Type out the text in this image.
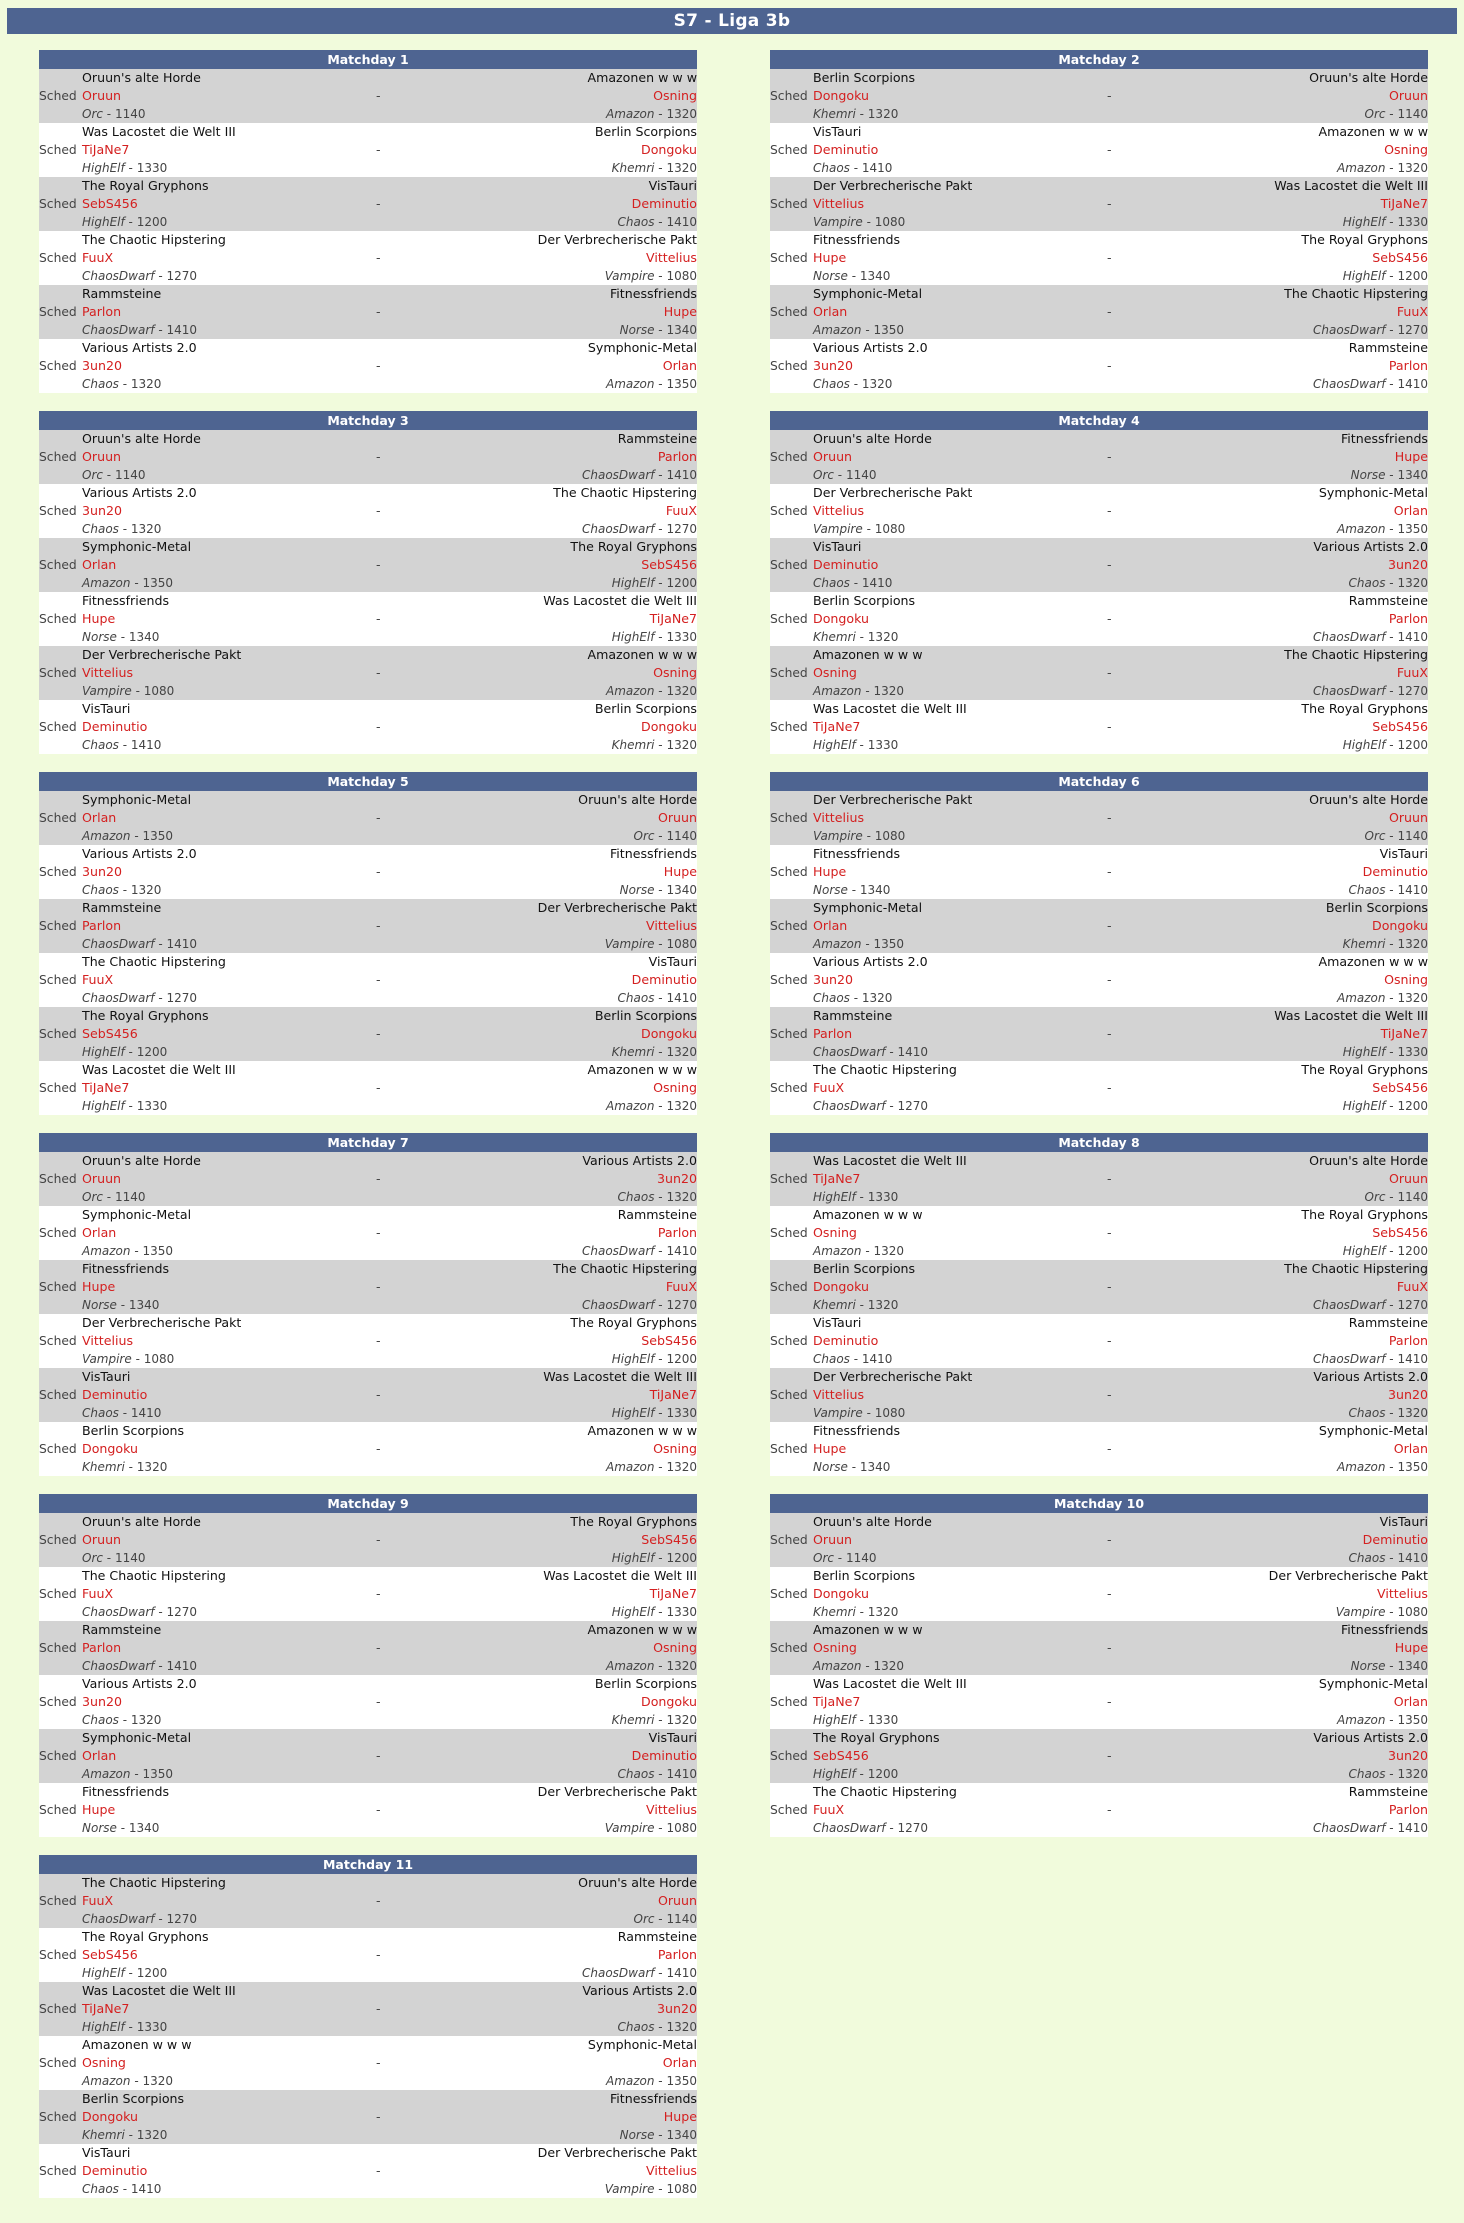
S7 - Liga 3b
Matchday 1
Oruun's alte Horde	Amazonen w w w
Sched Oruun	-	Osning
Orc - 1140	Amazon - 1320
Was Lacostet die Welt III	Berlin Scorpions
Sched TiJaNe7	-	Dongoku
HighElf - 1330	Khemri - 1320
The Royal Gryphons	VisTauri
Sched SebS456	-	Deminutio
HighElf - 1200	Chaos - 1410
The Chaotic Hipstering	Der Verbrecherische Pakt
Sched FuuX	-	Vittelius
ChaosDwarf - 1270	Vampire - 1080
Rammsteine	Fitnessfriends
Sched Parlon	-	Hupe
ChaosDwarf - 1410	Norse - 1340
Various Artists 2.0	Symphonic-Metal
Sched 3un20	-	Orlan
Chaos - 1320	Amazon - 1350
Matchday 2
Berlin Scorpions	Oruun's alte Horde
Sched Dongoku	-	Oruun
Khemri - 1320	Orc - 1140
VisTauri	Amazonen w w w
Sched Deminutio	-	Osning
Chaos - 1410	Amazon - 1320
Der Verbrecherische Pakt	Was Lacostet die Welt III
Sched Vittelius	-	TiJaNe7
Vampire - 1080	HighElf - 1330
Fitnessfriends	The Royal Gryphons
Sched Hupe	-	SebS456
Norse - 1340	HighElf - 1200
Symphonic-Metal	The Chaotic Hipstering
Sched Orlan	-	FuuX
Amazon - 1350	ChaosDwarf - 1270
Various Artists 2.0	Rammsteine
Sched 3un20	-	Parlon
Chaos - 1320	ChaosDwarf - 1410
Matchday 3
Oruun's alte Horde	Rammsteine
Sched Oruun	-	Parlon
Orc - 1140	ChaosDwarf - 1410
Various Artists 2.0	The Chaotic Hipstering
Sched 3un20	-	FuuX
Chaos - 1320	ChaosDwarf - 1270
Symphonic-Metal	The Royal Gryphons
Sched Orlan	-	SebS456
Amazon - 1350	HighElf - 1200
Fitnessfriends	Was Lacostet die Welt III
Sched Hupe	-	TiJaNe7
Norse - 1340	HighElf - 1330
Der Verbrecherische Pakt	Amazonen w w w
Sched Vittelius	-	Osning
Vampire - 1080	Amazon - 1320
VisTauri	Berlin Scorpions
Sched Deminutio	-	Dongoku
Chaos - 1410	Khemri - 1320
Matchday 4
Oruun's alte Horde	Fitnessfriends
Sched Oruun	-	Hupe
Orc - 1140	Norse - 1340
Der Verbrecherische Pakt	Symphonic-Metal
Sched Vittelius	-	Orlan
Vampire - 1080	Amazon - 1350
VisTauri	Various Artists 2.0
Sched Deminutio	-	3un20
Chaos - 1410	Chaos - 1320
Berlin Scorpions	Rammsteine
Sched Dongoku	-	Parlon
Khemri - 1320	ChaosDwarf - 1410
Amazonen w w w	The Chaotic Hipstering
Sched Osning	-	FuuX
Amazon - 1320	ChaosDwarf - 1270
Was Lacostet die Welt III	The Royal Gryphons
Sched TiJaNe7	-	SebS456
HighElf - 1330	HighElf - 1200
Matchday 5
Symphonic-Metal	Oruun's alte Horde
Sched Orlan	-	Oruun
Amazon - 1350	Orc - 1140
Various Artists 2.0	Fitnessfriends
Sched 3un20	-	Hupe
Chaos - 1320	Norse - 1340
Rammsteine	Der Verbrecherische Pakt
Sched Parlon	-	Vittelius
ChaosDwarf - 1410	Vampire - 1080
The Chaotic Hipstering	VisTauri
Sched FuuX	-	Deminutio
ChaosDwarf - 1270	Chaos - 1410
The Royal Gryphons	Berlin Scorpions
Sched SebS456	-	Dongoku
HighElf - 1200	Khemri - 1320
Was Lacostet die Welt III	Amazonen w w w
Sched TiJaNe7	-	Osning
HighElf - 1330	Amazon - 1320
Matchday 6
Der Verbrecherische Pakt	Oruun's alte Horde
Sched Vittelius	-	Oruun
Vampire - 1080	Orc - 1140
Fitnessfriends	VisTauri
Sched Hupe	-	Deminutio
Norse - 1340	Chaos - 1410
Symphonic-Metal	Berlin Scorpions
Sched Orlan	-	Dongoku
Amazon - 1350	Khemri - 1320
Various Artists 2.0	Amazonen w w w
Sched 3un20	-	Osning
Chaos - 1320	Amazon - 1320
Rammsteine	Was Lacostet die Welt III
Sched Parlon	-	TiJaNe7
ChaosDwarf - 1410	HighElf - 1330
The Chaotic Hipstering	The Royal Gryphons
Sched FuuX	-	SebS456
ChaosDwarf - 1270	HighElf - 1200
Matchday 7
Oruun's alte Horde	Various Artists 2.0
Sched Oruun	-	3un20
Orc - 1140	Chaos - 1320
Symphonic-Metal	Rammsteine
Sched Orlan	-	Parlon
Amazon - 1350	ChaosDwarf - 1410
Fitnessfriends	The Chaotic Hipstering
Sched Hupe	-	FuuX
Norse - 1340	ChaosDwarf - 1270
Der Verbrecherische Pakt	The Royal Gryphons
Sched Vittelius	-	SebS456
Vampire - 1080	HighElf - 1200
VisTauri	Was Lacostet die Welt III
Sched Deminutio	-	TiJaNe7
Chaos - 1410	HighElf - 1330
Berlin Scorpions	Amazonen w w w
Sched Dongoku	-	Osning
Khemri - 1320	Amazon - 1320
Matchday 8
Was Lacostet die Welt III	Oruun's alte Horde
Sched TiJaNe7	-	Oruun
HighElf - 1330	Orc - 1140
Amazonen w w w	The Royal Gryphons
Sched Osning	-	SebS456
Amazon - 1320	HighElf - 1200
Berlin Scorpions	The Chaotic Hipstering
Sched Dongoku	-	FuuX
Khemri - 1320	ChaosDwarf - 1270
VisTauri	Rammsteine
Sched Deminutio	-	Parlon
Chaos - 1410	ChaosDwarf - 1410
Der Verbrecherische Pakt	Various Artists 2.0
Sched Vittelius	-	3un20
Vampire - 1080	Chaos - 1320
Fitnessfriends	Symphonic-Metal
Sched Hupe	-	Orlan
Norse - 1340	Amazon - 1350
Matchday 9
Oruun's alte Horde	The Royal Gryphons
Sched Oruun	-	SebS456
Orc - 1140	HighElf - 1200
The Chaotic Hipstering	Was Lacostet die Welt III
Sched FuuX	-	TiJaNe7
ChaosDwarf - 1270	HighElf - 1330
Rammsteine	Amazonen w w w
Sched Parlon	-	Osning
ChaosDwarf - 1410	Amazon - 1320
Various Artists 2.0	Berlin Scorpions
Sched 3un20	-	Dongoku
Chaos - 1320	Khemri - 1320
Symphonic-Metal	VisTauri
Sched Orlan	-	Deminutio
Amazon - 1350	Chaos - 1410
Fitnessfriends	Der Verbrecherische Pakt
Sched Hupe	-	Vittelius
Norse - 1340	Vampire - 1080
Matchday 10
Oruun's alte Horde	VisTauri
Sched Oruun	-	Deminutio
Orc - 1140	Chaos - 1410
Berlin Scorpions	Der Verbrecherische Pakt
Sched Dongoku	-	Vittelius
Khemri - 1320	Vampire - 1080
Amazonen w w w	Fitnessfriends
Sched Osning	-	Hupe
Amazon - 1320	Norse - 1340
Was Lacostet die Welt III	Symphonic-Metal
Sched TiJaNe7	-	Orlan
HighElf - 1330	Amazon - 1350
The Royal Gryphons	Various Artists 2.0
Sched SebS456	-	3un20
HighElf - 1200	Chaos - 1320
The Chaotic Hipstering	Rammsteine
Sched FuuX	-	Parlon
ChaosDwarf - 1270	ChaosDwarf - 1410
Matchday 11
The Chaotic Hipstering	Oruun's alte Horde
Sched FuuX	-	Oruun
ChaosDwarf - 1270	Orc - 1140
The Royal Gryphons	Rammsteine
Sched SebS456	-	Parlon
HighElf - 1200	ChaosDwarf - 1410
Was Lacostet die Welt III	Various Artists 2.0
Sched TiJaNe7	-	3un20
HighElf - 1330	Chaos - 1320
Amazonen w w w	Symphonic-Metal
Sched Osning	-	Orlan
Amazon - 1320	Amazon - 1350
Berlin Scorpions	Fitnessfriends
Sched Dongoku	-	Hupe
Khemri - 1320	Norse - 1340
VisTauri	Der Verbrecherische Pakt
Sched Deminutio	-	Vittelius
Chaos - 1410	Vampire - 1080
